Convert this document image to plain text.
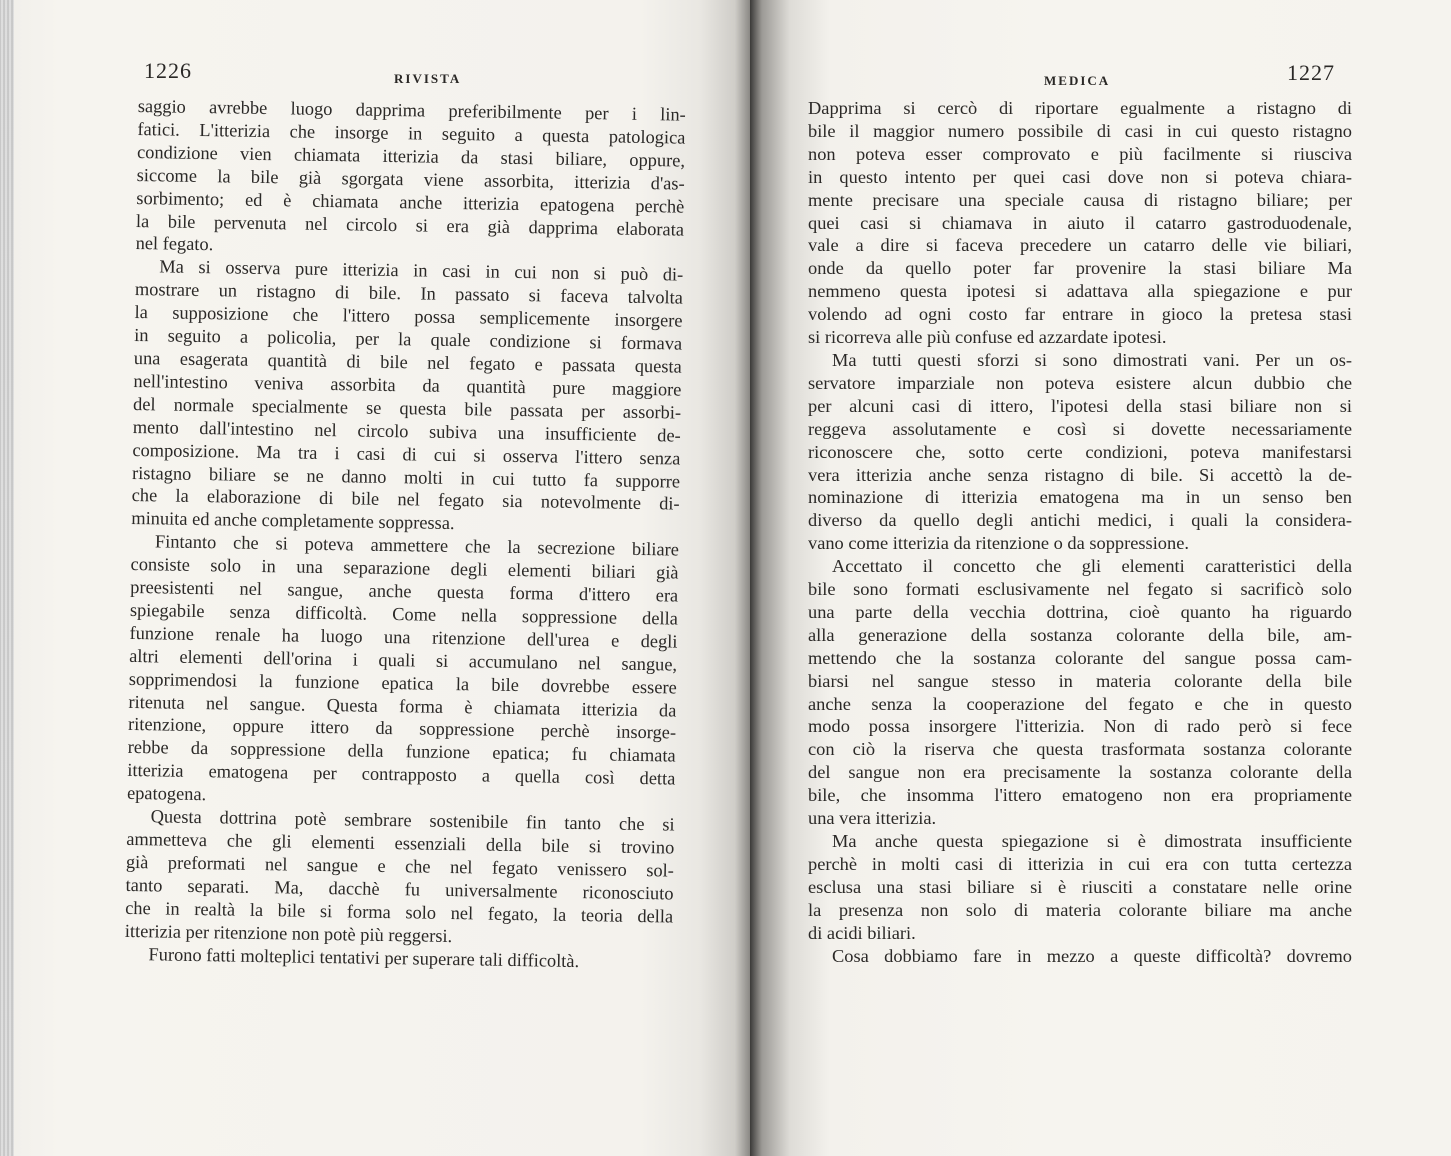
1226	RIVISTA
saggio avrebbe luogo dapprima preferibilmente per i lin-
fatici. L'itterizia che insorge in seguito a questa patologica
condizione vien chiamata itterizia da stasi biliare, oppure,
siccome la bile già sgorgata viene assorbita, itterizia d'as-
sorbimento; ed è chiamata anche itterizia epatogena perchè
la bile pervenuta nel circolo si era già dapprima elaborata
nel fegato.
Ma si osserva pure itterizia in casi in cui non si può di-
mostrare un ristagno di bile. In passato si faceva talvolta
la supposizione che l'ittero possa semplicemente insorgere
in seguito a policolia, per la quale condizione si formava
una esagerata quantità di bile nel fegato e passata questa
nell'intestino veniva assorbita da quantità pure maggiore
del normale specialmente se questa bile passata per assorbi-
mento dall'intestino nel circolo subiva una insufficiente de-
composizione. Ma tra i casi di cui si osserva l'ittero senza
ristagno biliare se ne danno molti in cui tutto fa supporre
che la elaborazione di bile nel fegato sia notevolmente di-
minuita ed anche completamente soppressa.
Fintanto che si poteva ammettere che la secrezione biliare
consiste solo in una separazione degli elementi biliari già
preesistenti nel sangue, anche questa forma d'ittero era
spiegabile senza difficoltà. Come nella soppressione della
funzione renale ha luogo una ritenzione dell'urea e degli
altri elementi dell'orina i quali si accumulano nel sangue,
sopprimendosi la funzione epatica la bile dovrebbe essere
ritenuta nel sangue. Questa forma è chiamata itterizia da
ritenzione, oppure ittero da soppressione perchè insorge-
rebbe da soppressione della funzione epatica; fu chiamata
itterizia ematogena per contrapposto a quella così detta
epatogena.
Questa dottrina potè sembrare sostenibile fin tanto che si
ammetteva che gli elementi essenziali della bile si trovino
già preformati nel sangue e che nel fegato venissero sol-
tanto separati. Ma, dacchè fu universalmente riconosciuto
che in realtà la bile si forma solo nel fegato, la teoria della
itterizia per ritenzione non potè più reggersi.
Furono fatti molteplici tentativi per superare tali difficoltà.
MEDICA	1227
Dapprima si cercò di riportare egualmente a ristagno di
bile il maggior numero possibile di casi in cui questo ristagno
non poteva esser comprovato e più facilmente si riusciva
in questo intento per quei casi dove non si poteva chiara-
mente precisare una speciale causa di ristagno biliare; per
quei casi si chiamava in aiuto il catarro gastroduodenale,
vale a dire si faceva precedere un catarro delle vie biliari,
onde da quello poter far provenire la stasi biliare Ma
nemmeno questa ipotesi si adattava alla spiegazione e pur
volendo ad ogni costo far entrare in gioco la pretesa stasi
si ricorreva alle più confuse ed azzardate ipotesi.
Ma tutti questi sforzi si sono dimostrati vani. Per un os-
servatore imparziale non poteva esistere alcun dubbio che
per alcuni casi di ittero, l'ipotesi della stasi biliare non si
reggeva assolutamente e così si dovette necessariamente
riconoscere che, sotto certe condizioni, poteva manifestarsi
vera itterizia anche senza ristagno di bile. Si accettò la de-
nominazione di itterizia ematogena ma in un senso ben
diverso da quello degli antichi medici, i quali la considera-
vano come itterizia da ritenzione o da soppressione.
Accettato il concetto che gli elementi caratteristici della
bile sono formati esclusivamente nel fegato si sacrificò solo
una parte della vecchia dottrina, cioè quanto ha riguardo
alla generazione della sostanza colorante della bile, am-
mettendo che la sostanza colorante del sangue possa cam-
biarsi nel sangue stesso in materia colorante della bile
anche senza la cooperazione del fegato e che in questo
modo possa insorgere l'itterizia. Non di rado però si fece
con ciò la riserva che questa trasformata sostanza colorante
del sangue non era precisamente la sostanza colorante della
bile, che insomma l'ittero ematogeno non era propriamente
una vera itterizia.
Ma anche questa spiegazione si è dimostrata insufficiente
perchè in molti casi di itterizia in cui era con tutta certezza
esclusa una stasi biliare si è riusciti a constatare nelle orine
la presenza non solo di materia colorante biliare ma anche
di acidi biliari.
Cosa dobbiamo fare in mezzo a queste difficoltà? dovremo
